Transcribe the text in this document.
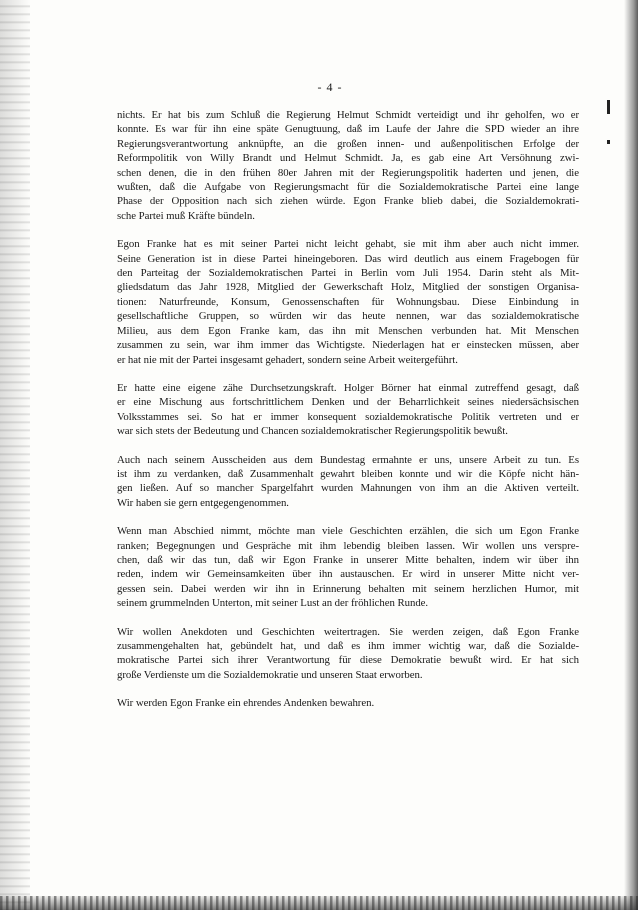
- 4 -
nichts. Er hat bis zum Schluß die Regierung Helmut Schmidt verteidigt und ihr geholfen, wo er
konnte. Es war für ihn eine späte Genugtuung, daß im Laufe der Jahre die SPD wieder an ihre
Regierungsverantwortung anknüpfte, an die großen innen- und außenpolitischen Erfolge der
Reformpolitik von Willy Brandt und Helmut Schmidt. Ja, es gab eine Art Versöhnung zwi-
schen denen, die in den frühen 80er Jahren mit der Regierungspolitik haderten und jenen, die
wußten, daß die Aufgabe von Regierungsmacht für die Sozialdemokratische Partei eine lange
Phase der Opposition nach sich ziehen würde. Egon Franke blieb dabei, die Sozialdemokrati-
sche Partei muß Kräfte bündeln.
Egon Franke hat es mit seiner Partei nicht leicht gehabt, sie mit ihm aber auch nicht immer.
Seine Generation ist in diese Partei hineingeboren. Das wird deutlich aus einem Fragebogen für
den Parteitag der Sozialdemokratischen Partei in Berlin vom Juli 1954. Darin steht als Mit-
gliedsdatum das Jahr 1928, Mitglied der Gewerkschaft Holz, Mitglied der sonstigen Organisa-
tionen: Naturfreunde, Konsum, Genossenschaften für Wohnungsbau. Diese Einbindung in
gesellschaftliche Gruppen, so würden wir das heute nennen, war das sozialdemokratische
Milieu, aus dem Egon Franke kam, das ihn mit Menschen verbunden hat. Mit Menschen
zusammen zu sein, war ihm immer das Wichtigste. Niederlagen hat er einstecken müssen, aber
er hat nie mit der Partei insgesamt gehadert, sondern seine Arbeit weitergeführt.
Er hatte eine eigene zähe Durchsetzungskraft. Holger Börner hat einmal zutreffend gesagt, daß
er eine Mischung aus fortschrittlichem Denken und der Beharrlichkeit seines niedersächsischen
Volksstammes sei. So hat er immer konsequent sozialdemokratische Politik vertreten und er
war sich stets der Bedeutung und Chancen sozialdemokratischer Regierungspolitik bewußt.
Auch nach seinem Ausscheiden aus dem Bundestag ermahnte er uns, unsere Arbeit zu tun. Es
ist ihm zu verdanken, daß Zusammenhalt gewahrt bleiben konnte und wir die Köpfe nicht hän-
gen ließen. Auf so mancher Spargelfahrt wurden Mahnungen von ihm an die Aktiven verteilt.
Wir haben sie gern entgegengenommen.
Wenn man Abschied nimmt, möchte man viele Geschichten erzählen, die sich um Egon Franke
ranken; Begegnungen und Gespräche mit ihm lebendig bleiben lassen. Wir wollen uns verspre-
chen, daß wir das tun, daß wir Egon Franke in unserer Mitte behalten, indem wir über ihn
reden, indem wir Gemeinsamkeiten über ihn austauschen. Er wird in unserer Mitte nicht ver-
gessen sein. Dabei werden wir ihn in Erinnerung behalten mit seinem herzlichen Humor, mit
seinem grummelnden Unterton, mit seiner Lust an der fröhlichen Runde.
Wir wollen Anekdoten und Geschichten weitertragen. Sie werden zeigen, daß Egon Franke
zusammengehalten hat, gebündelt hat, und daß es ihm immer wichtig war, daß die Sozialde-
mokratische Partei sich ihrer Verantwortung für diese Demokratie bewußt wird. Er hat sich
große Verdienste um die Sozialdemokratie und unseren Staat erworben.
Wir werden Egon Franke ein ehrendes Andenken bewahren.
